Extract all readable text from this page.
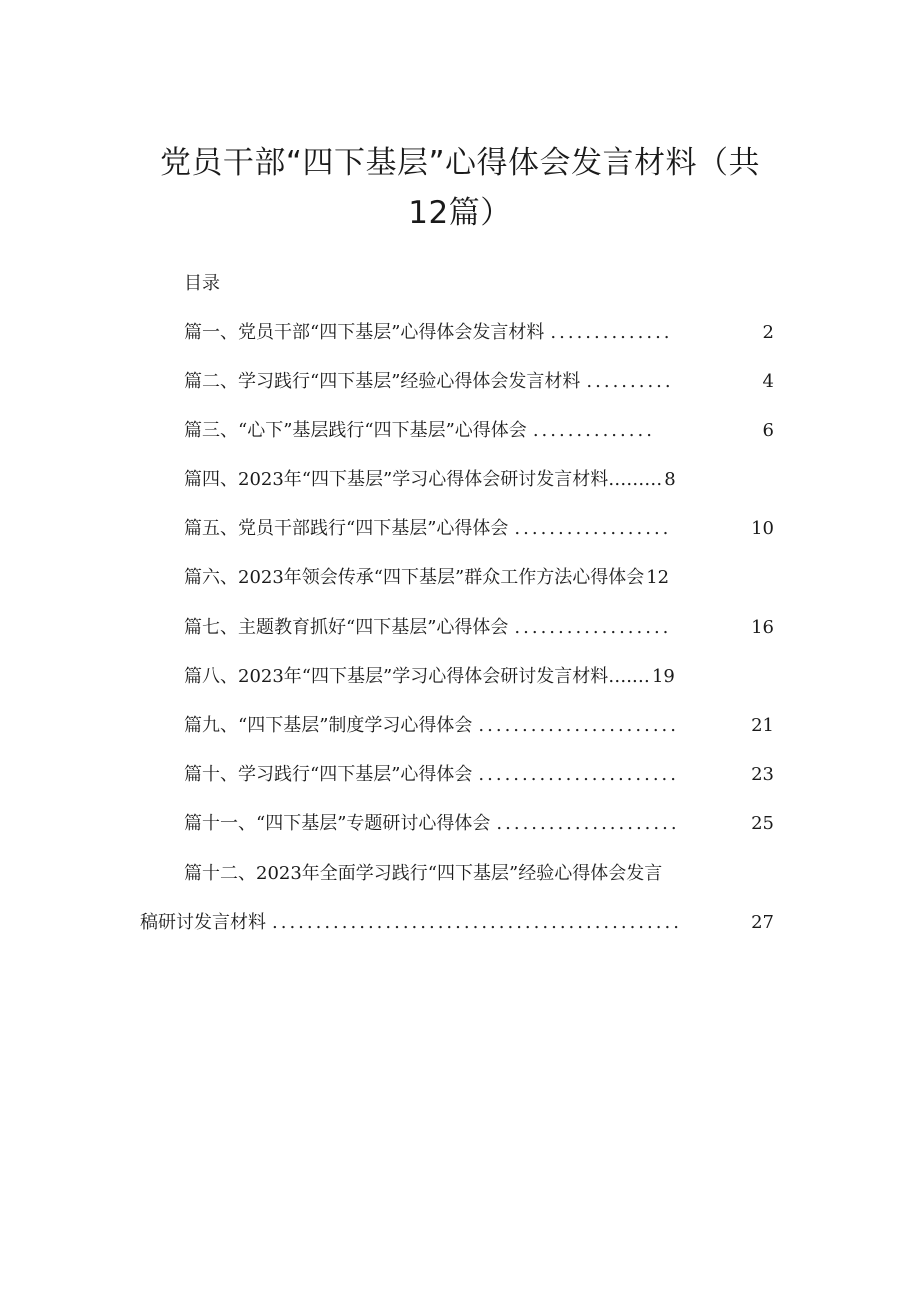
党员干部“四下基层”心得体会发言材料（共
12篇）
目录
篇一、党员干部“四下基层”心得体会发言材料 ..............	2
篇二、学习践行“四下基层”经验心得体会发言材料 ..........	4
篇三、“心下”基层践行“四下基层”心得体会 ..............	6
篇四、2023年“四下基层”学习心得体会研讨发言材料……… 8
篇五、党员干部践行“四下基层”心得体会 ..................	10
篇六、2023年领会传承“四下基层”群众工作方法心得体会 12
篇七、主题教育抓好“四下基层”心得体会 ..................	16
篇八、2023年“四下基层”学习心得体会研讨发言材料….… 19
篇九、“四下基层”制度学习心得体会 .......................	21
篇十、学习践行“四下基层”心得体会 .......................	23
篇十一、“四下基层”专题研讨心得体会 .....................	25
篇十二、2023年全面学习践行“四下基层”经验心得体会发言
稿研讨发言材料 ...............................................	27
